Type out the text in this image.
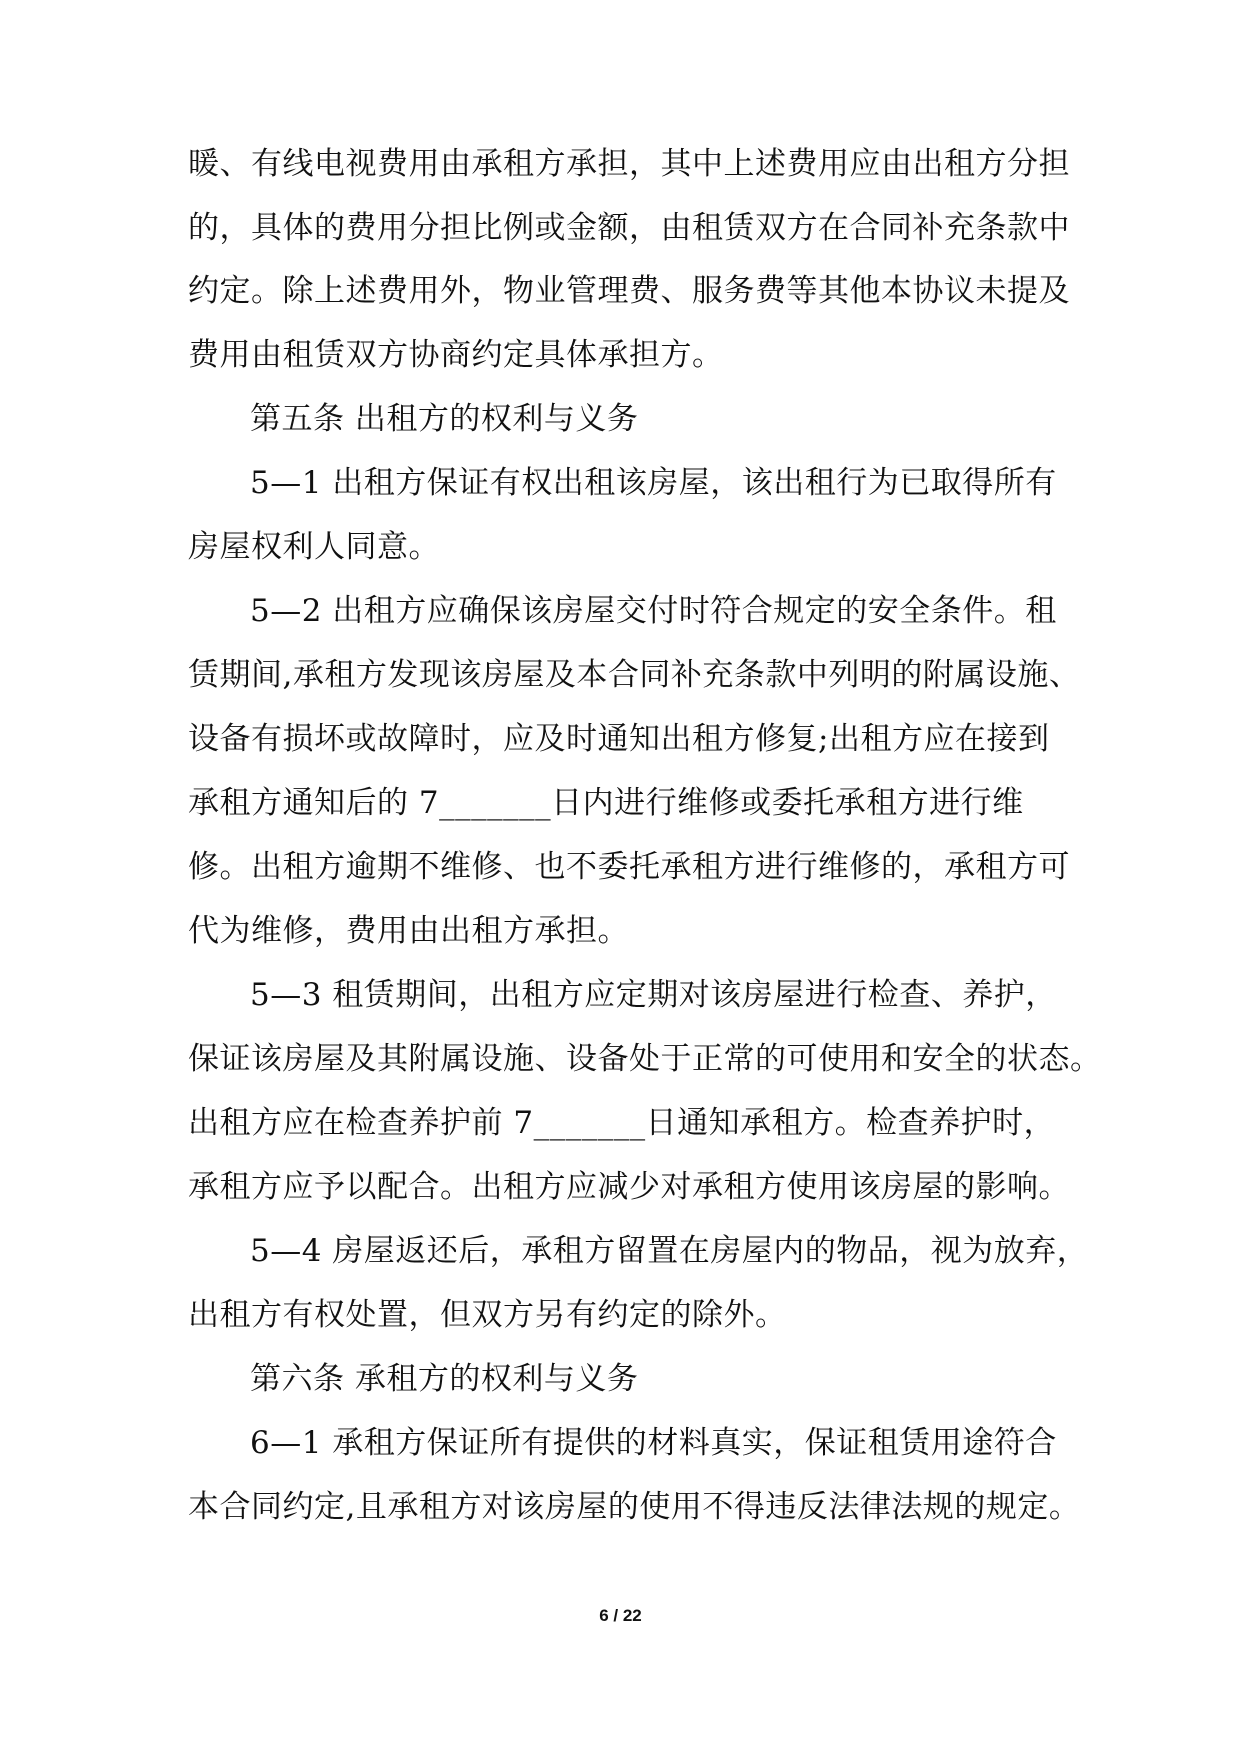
暖、有线电视费用由承租方承担，其中上述费用应由出租方分担
的，具体的费用分担比例或金额，由租赁双方在合同补充条款中
约定。除上述费用外，物业管理费、服务费等其他本协议未提及
费用由租赁双方协商约定具体承担方。
第五条 出租方的权利与义务
5—1 出租方保证有权出租该房屋，该出租行为已取得所有
房屋权利人同意。
5—2 出租方应确保该房屋交付时符合规定的安全条件。租
赁期间,承租方发现该房屋及本合同补充条款中列明的附属设施、
设备有损坏或故障时，应及时通知出租方修复;出租方应在接到
承租方通知后的 7_______日内进行维修或委托承租方进行维
修。出租方逾期不维修、也不委托承租方进行维修的，承租方可
代为维修，费用由出租方承担。
5—3 租赁期间，出租方应定期对该房屋进行检查、养护，
保证该房屋及其附属设施、设备处于正常的可使用和安全的状态。
出租方应在检查养护前 7_______日通知承租方。检查养护时，
承租方应予以配合。出租方应减少对承租方使用该房屋的影响。
5—4 房屋返还后，承租方留置在房屋内的物品，视为放弃，
出租方有权处置，但双方另有约定的除外。
第六条 承租方的权利与义务
6—1 承租方保证所有提供的材料真实，保证租赁用途符合
本合同约定,且承租方对该房屋的使用不得违反法律法规的规定。
6 / 22
